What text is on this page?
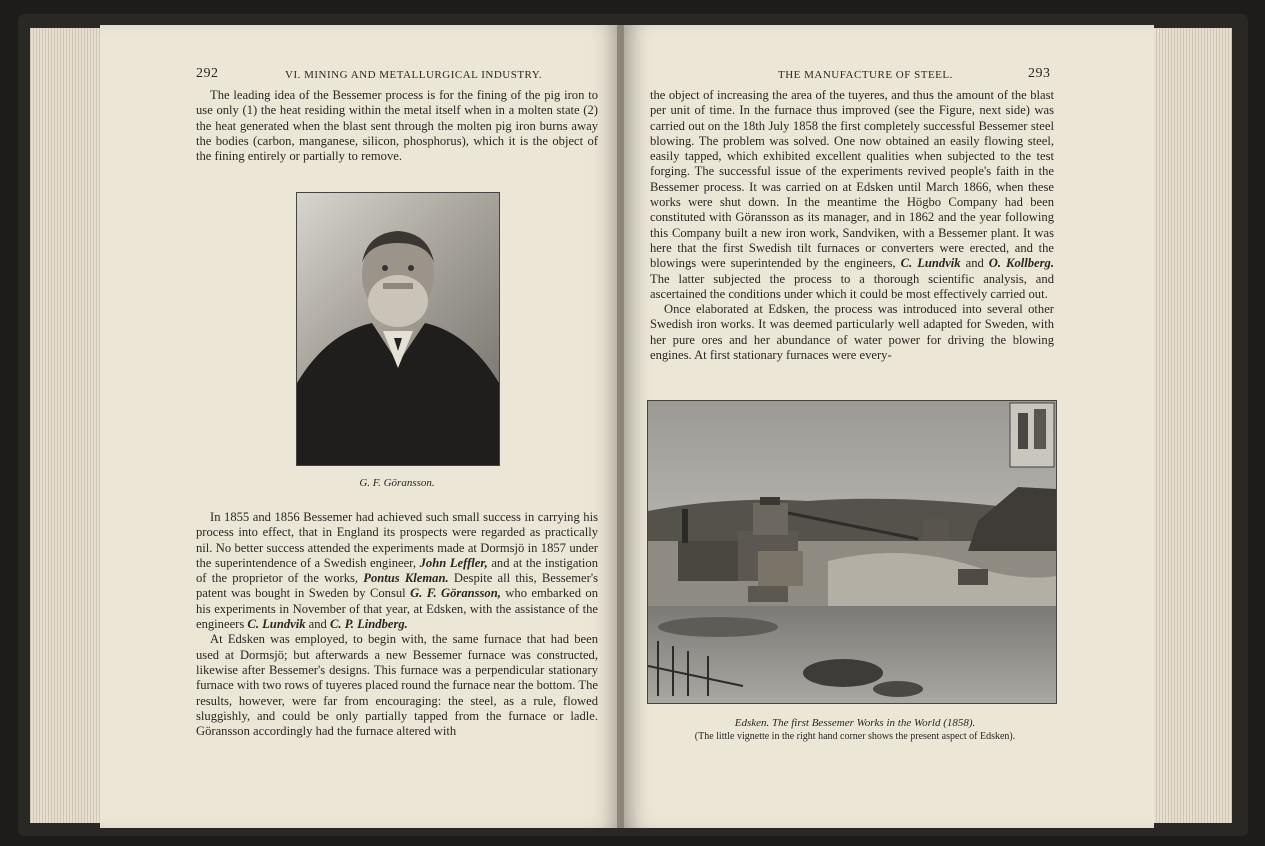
292	VI. MINING AND METALLURGICAL INDUSTRY.

The leading idea of the Bessemer process is for the fining of the pig iron to use only (1) the heat residing within the metal itself when in a molten state (2) the heat generated when the blast sent through the molten pig iron burns away the bodies (carbon, manganese, silicon, phosphorus), which it is the object of the fining entirely or partially to remove.

G. F. Göransson.

In 1855 and 1856 Bessemer had achieved such small success in carrying his process into effect, that in England its prospects were regarded as practically nil. No better success attended the experiments made at Dormsjö in 1857 under the superintendence of a Swedish engineer, John Leffler, and at the instigation of the proprietor of the works, Pontus Kleman. Despite all this, Bessemer's patent was bought in Sweden by Consul G. F. Göransson, who embarked on his experiments in November of that year, at Edsken, with the assistance of the engineers C. Lundvik and C. P. Lindberg.

At Edsken was employed, to begin with, the same furnace that had been used at Dormsjö; but afterwards a new Bessemer furnace was constructed, likewise after Bessemer's designs. This furnace was a perpendicular stationary furnace with two rows of tuyeres placed round the furnace near the bottom. The results, however, were far from encouraging: the steel, as a rule, flowed sluggishly, and could be only partially tapped from the furnace or ladle. Göransson accordingly had the furnace altered with

THE MANUFACTURE OF STEEL.	293

the object of increasing the area of the tuyeres, and thus the amount of the blast per unit of time. In the furnace thus improved (see the Figure, next side) was carried out on the 18th July 1858 the first completely successful Bessemer steel blowing. The problem was solved. One now obtained an easily flowing steel, easily tapped, which exhibited excellent qualities when subjected to the test forging. The successful issue of the experiments revived people's faith in the Bessemer process. It was carried on at Edsken until March 1866, when these works were shut down. In the meantime the Högbo Company had been constituted with Göransson as its manager, and in 1862 and the year following this Company built a new iron work, Sandviken, with a Bessemer plant. It was here that the first Swedish tilt furnaces or converters were erected, and the blowings were superintended by the engineers, C. Lundvik and O. Kollberg. The latter subjected the process to a thorough scientific analysis, and ascertained the conditions under which it could be most effectively carried out.

Once elaborated at Edsken, the process was introduced into several other Swedish iron works. It was deemed particularly well adapted for Sweden, with her pure ores and her abundance of water power for driving the blowing engines. At first stationary furnaces were every-

Edsken. The first Bessemer Works in the World (1858).
(The little vignette in the right hand corner shows the present aspect of Edsken).
